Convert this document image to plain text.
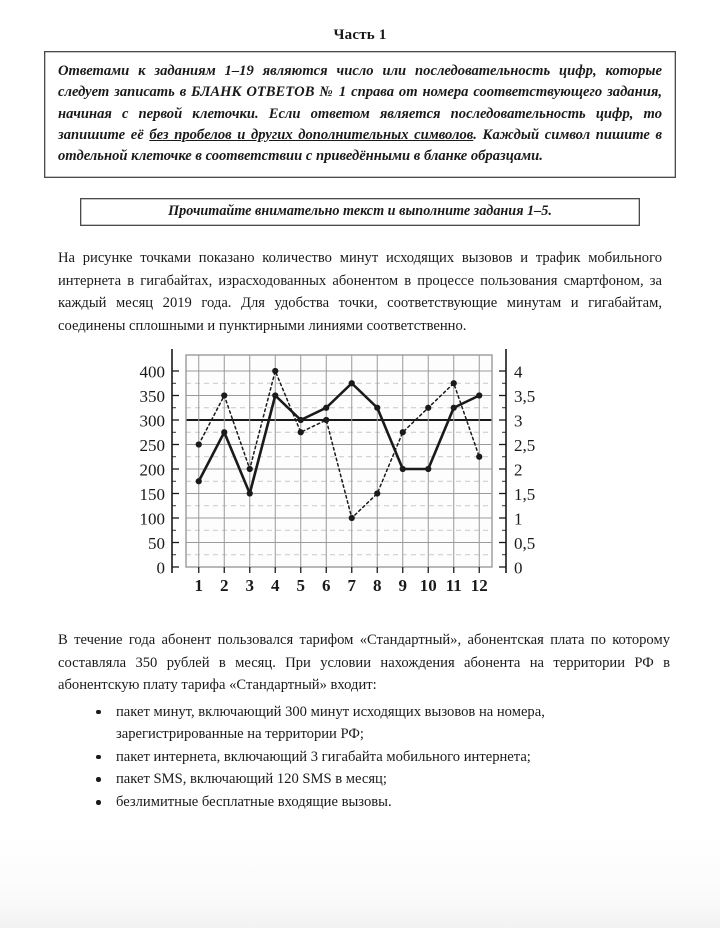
Часть 1

Ответами к заданиям 1–19 являются число или последовательность цифр, которые следует записать в БЛАНК ОТВЕТОВ № 1 справа от номера соответствующего задания, начиная с первой клеточки. Если ответом является последовательность цифр, то запишите её без пробелов и других дополнительных символов. Каждый символ пишите в отдельной клеточке в соответствии с приведёнными в бланке образцами.

Прочитайте внимательно текст и выполните задания 1–5.

На рисунке точками показано количество минут исходящих вызовов и трафик мобильного интернета в гигабайтах, израсходованных абонентом в процессе пользования смартфоном, за каждый месяц 2019 года. Для удобства точки, соответствующие минутам и гигабайтам, соединены сплошными и пунктирными линиями соответственно.

0
50
100
150
200
250
300
350
400
0
0,5
1
1,5
2
2,5
3
3,5
4
1 2 3 4 5 6 7 8 9 10 11 12

В течение года абонент пользовался тарифом «Стандартный», абонентская плата по которому составляла 350 рублей в месяц. При условии нахождения абонента на территории РФ в абонентскую плату тарифа «Стандартный» входит:

пакет минут, включающий 300 минут исходящих вызовов на номера, зарегистрированные на территории РФ;
пакет интернета, включающий 3 гигабайта мобильного интернета;
пакет SMS, включающий 120 SMS в месяц;
безлимитные бесплатные входящие вызовы.
